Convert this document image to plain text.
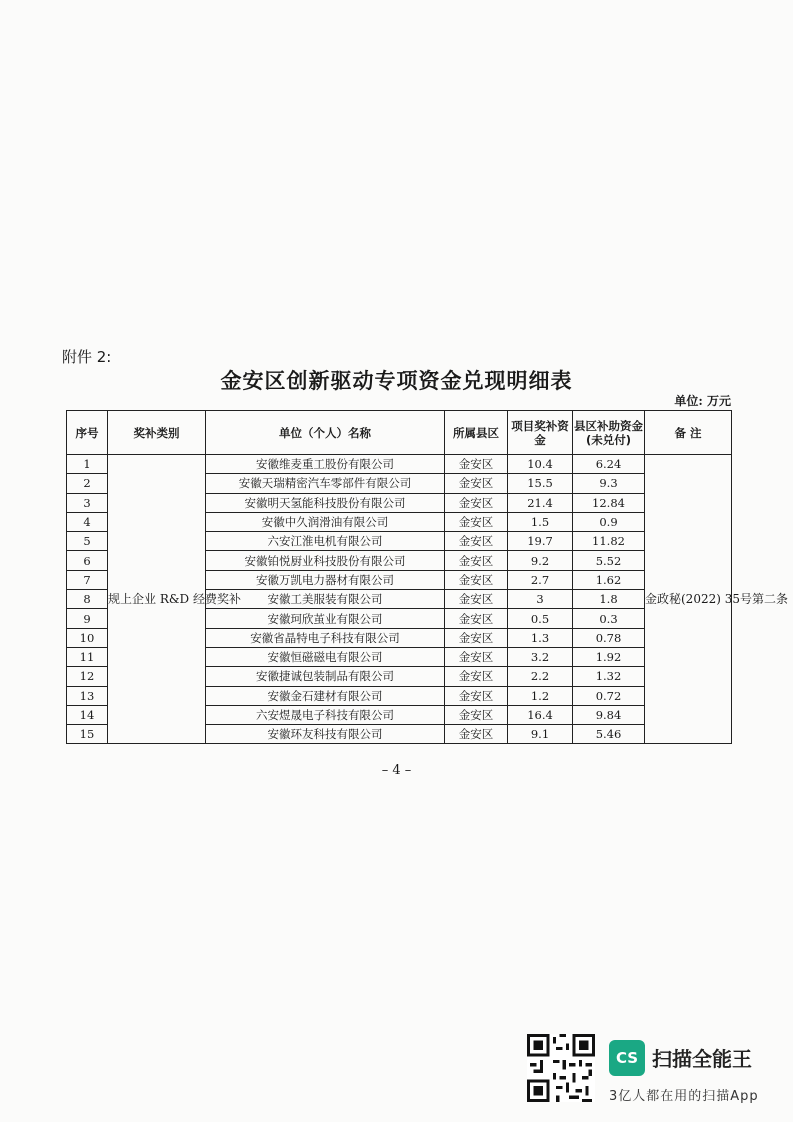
附件 2:
金安区创新驱动专项资金兑现明细表
单位: 万元
序号	奖补类别	单位（个人）名称	所属县区	项目奖补资金	县区补助资金(未兑付)	备 注
1	规上企业 R&D 经费奖补	安徽维麦重工股份有限公司	金安区	10.4	6.24	金政秘(2022) 35号第二条
2		安徽天瑞精密汽车零部件有限公司	金安区	15.5	9.3	
3		安徽明天氢能科技股份有限公司	金安区	21.4	12.84	
4		安徽中久润滑油有限公司	金安区	1.5	0.9	
5		六安江淮电机有限公司	金安区	19.7	11.82	
6		安徽铂悦厨业科技股份有限公司	金安区	9.2	5.52	
7		安徽万凯电力器材有限公司	金安区	2.7	1.62	
8		安徽工美服装有限公司	金安区	3	1.8	
9		安徽珂欣茧业有限公司	金安区	0.5	0.3	
10		安徽省晶特电子科技有限公司	金安区	1.3	0.78	
11		安徽恒磁磁电有限公司	金安区	3.2	1.92	
12		安徽捷诚包装制品有限公司	金安区	2.2	1.32	
13		安徽金石建材有限公司	金安区	1.2	0.72	
14		六安煜晟电子科技有限公司	金安区	16.4	9.84	
15		安徽环友科技有限公司	金安区	9.1	5.46	
– 4 –
CS 扫描全能王
3亿人都在用的扫描App
